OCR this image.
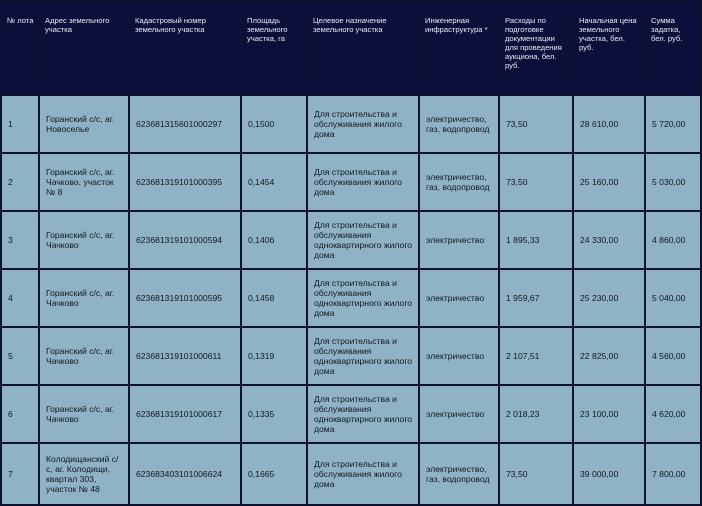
№ лота	Адрес земельного участка	Кадастровый номер земельного участка	Площадь земельного участка, га	Целевое назначение земельного участка	Инженерная инфраструктура *	Расходы по подготовке документации для проведения аукциона, бел. руб.	Начальная цена земельного участка, бел. руб.	Сумма задатка, бел. руб.
1	Горанский с/с, аг. Новоселье	623681315601000297	0,1500	Для строительства и обслуживания жилого дома	электричество, газ, водопровод	73,50	28 610,00	5 720,00
2	Горанский с/с, аг. Чачково, участок № 8	623681319101000395	0,1454	Для строительства и обслуживания жилого дома	электричество, газ, водопровод	73,50	25 160,00	5 030,00
3	Горанский с/с, аг. Чачково	623681319101000594	0,1406	Для строительства и обслуживания одноквартирного жилого дома	электричество	1 895,33	24 330,00	4 860,00
4	Горанский с/с, аг. Чачково	623681319101000595	0,1458	Для строительства и обслуживания одноквартирного жилого дома	электричество	1 959,67	25 230,00	5 040,00
5	Горанский с/с, аг. Чачково	623681319101000611	0,1319	Для строительства и обслуживания одноквартирного жилого дома	электричество	2 107,51	22 825,00	4 560,00
6	Горанский с/с, аг. Чачково	623681319101000617	0,1335	Для строительства и обслуживания одноквартирного жилого дома	электричество	2 018,23	23 100,00	4 620,00
7	Колодищанский с/с, аг. Колодищи, квартал 303, участок № 48	623683403101006624	0,1665	Для строительства и обслуживания жилого дома	электричество, газ, водопровод	73,50	39 000,00	7 800,00
